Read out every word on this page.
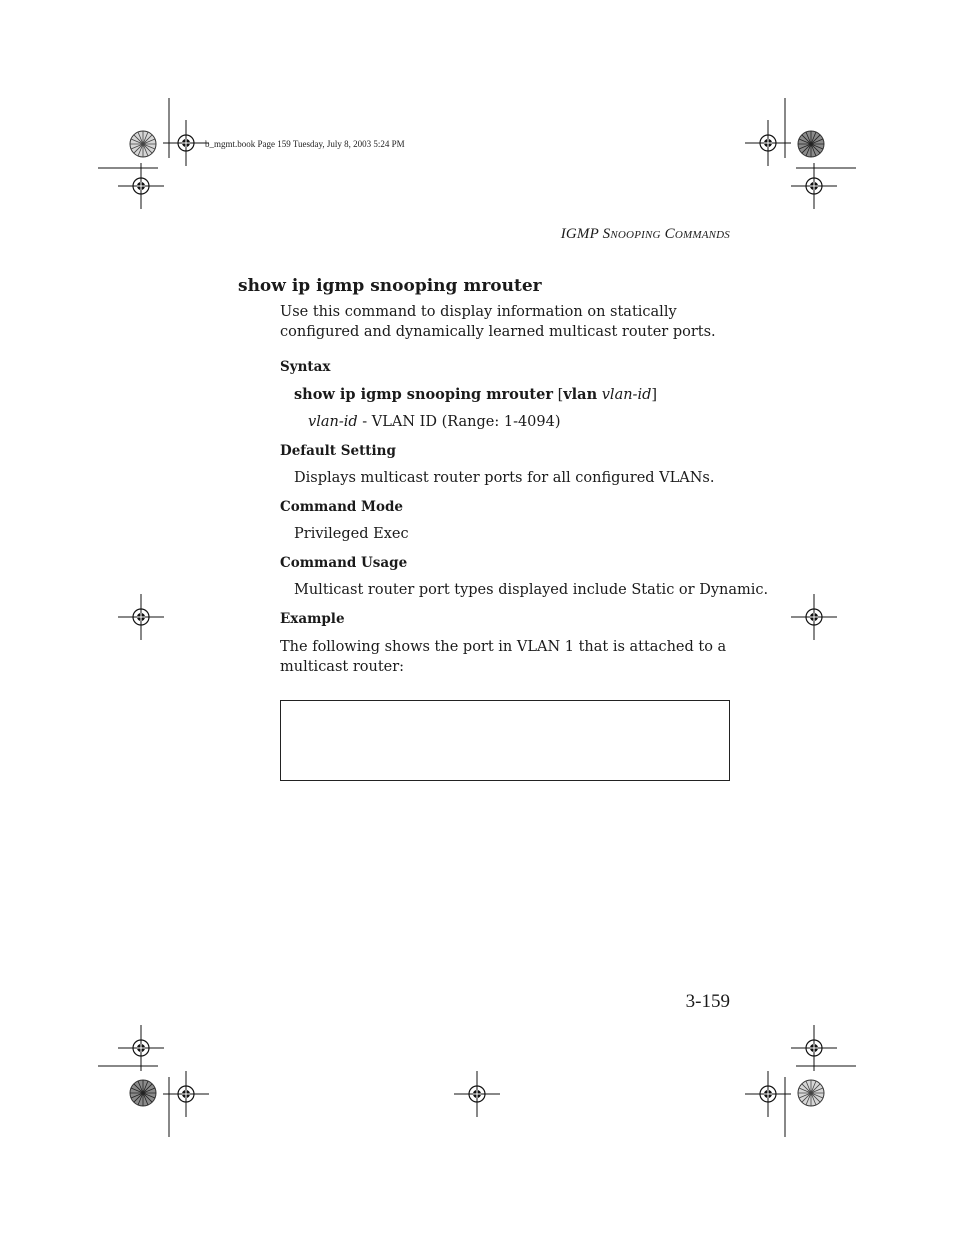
b_mgmt.book Page 159 Tuesday, July 8, 2003 5:24 PM
IGMP SNOOPING COMMANDS
show ip igmp snooping mrouter
Use this command to display information on statically configured and dynamically learned multicast router ports.
Syntax
show ip igmp snooping mrouter [vlan vlan-id]
vlan-id - VLAN ID (Range: 1-4094)
Default Setting
Displays multicast router ports for all configured VLANs.
Command Mode
Privileged Exec
Command Usage
Multicast router port types displayed include Static or Dynamic.
Example
The following shows the port in VLAN 1 that is attached to a multicast router:
3-159
